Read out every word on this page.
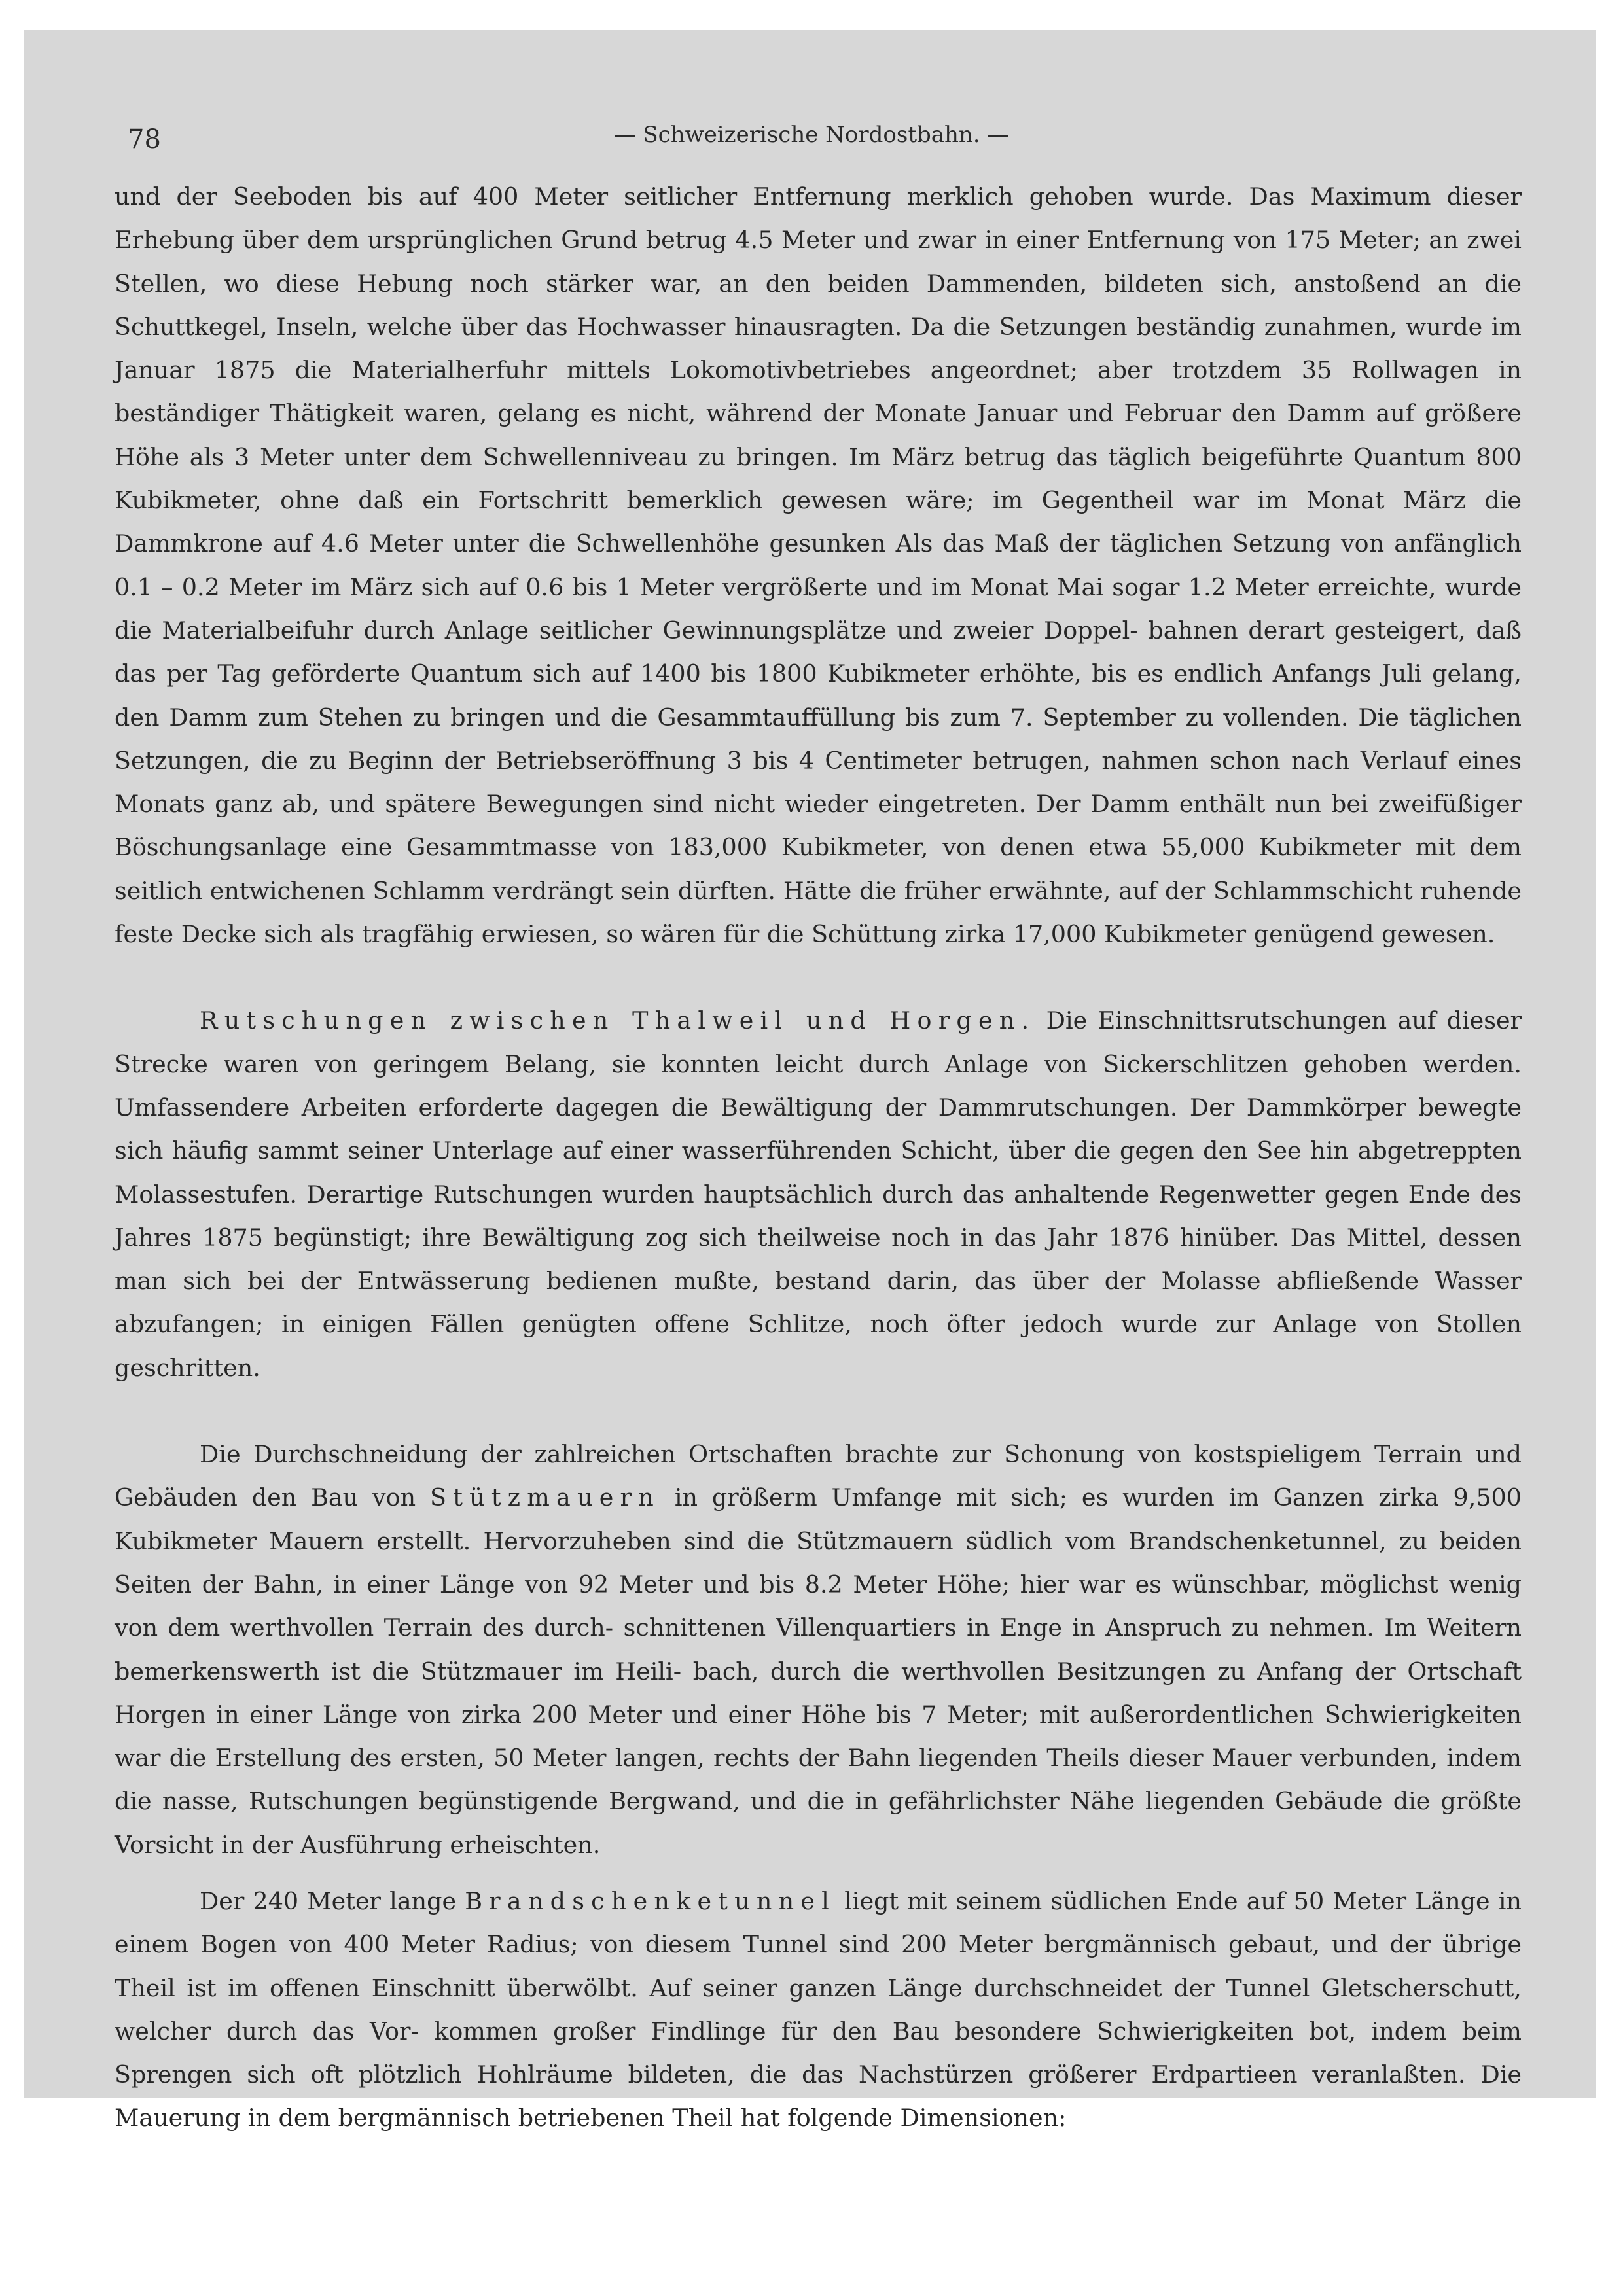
78	— Schweizerische Nordostbahn. —

und der Seeboden bis auf 400 Meter seitlicher Entfernung merklich gehoben wurde. Das Maximum dieser Erhebung über dem ursprünglichen Grund betrug 4.5 Meter und zwar in einer Entfernung von 175 Meter; an zwei Stellen, wo diese Hebung noch stärker war, an den beiden Dammenden, bildeten sich, anstoßend an die Schuttkegel, Inseln, welche über das Hochwasser hinausragten. Da die Setzungen beständig zunahmen, wurde im Januar 1875 die Materialherfuhr mittels Lokomotivbetriebes angeordnet; aber trotzdem 35 Rollwagen in beständiger Thätigkeit waren, gelang es nicht, während der Monate Januar und Februar den Damm auf größere Höhe als 3 Meter unter dem Schwellenniveau zu bringen. Im März betrug das täglich beigeführte Quantum 800 Kubikmeter, ohne daß ein Fortschritt bemerklich gewesen wäre; im Gegentheil war im Monat März die Dammkrone auf 4.6 Meter unter die Schwellenhöhe gesunken Als das Maß der täglichen Setzung von anfänglich 0.1 – 0.2 Meter im März sich auf 0.6 bis 1 Meter vergrößerte und im Monat Mai sogar 1.2 Meter erreichte, wurde die Materialbeifuhr durch Anlage seitlicher Gewinnungsplätze und zweier Doppel- bahnen derart gesteigert, daß das per Tag geförderte Quantum sich auf 1400 bis 1800 Kubikmeter erhöhte, bis es endlich Anfangs Juli gelang, den Damm zum Stehen zu bringen und die Gesammtauffüllung bis zum 7. September zu vollenden. Die täglichen Setzungen, die zu Beginn der Betriebseröffnung 3 bis 4 Centimeter betrugen, nahmen schon nach Verlauf eines Monats ganz ab, und spätere Bewegungen sind nicht wieder eingetreten. Der Damm enthält nun bei zweifüßiger Böschungsanlage eine Gesammtmasse von 183,000 Kubikmeter, von denen etwa 55,000 Kubikmeter mit dem seitlich entwichenen Schlamm verdrängt sein dürften. Hätte die früher erwähnte, auf der Schlammschicht ruhende feste Decke sich als tragfähig erwiesen, so wären für die Schüttung zirka 17,000 Kubikmeter genügend gewesen.

Rutschungen zwischen Thalweil und Horgen. Die Einschnittsrutschungen auf dieser Strecke waren von geringem Belang, sie konnten leicht durch Anlage von Sickerschlitzen gehoben werden. Umfassendere Arbeiten erforderte dagegen die Bewältigung der Dammrutschungen. Der Dammkörper bewegte sich häufig sammt seiner Unterlage auf einer wasserführenden Schicht, über die gegen den See hin abgetreppten Molassestufen. Derartige Rutschungen wurden hauptsächlich durch das anhaltende Regenwetter gegen Ende des Jahres 1875 begünstigt; ihre Bewältigung zog sich theilweise noch in das Jahr 1876 hinüber. Das Mittel, dessen man sich bei der Entwässerung bedienen mußte, bestand darin, das über der Molasse abfließende Wasser abzufangen; in einigen Fällen genügten offene Schlitze, noch öfter jedoch wurde zur Anlage von Stollen geschritten.

Die Durchschneidung der zahlreichen Ortschaften brachte zur Schonung von kostspieligem Terrain und Gebäuden den Bau von Stützmauern in größerm Umfange mit sich; es wurden im Ganzen zirka 9,500 Kubikmeter Mauern erstellt. Hervorzuheben sind die Stützmauern südlich vom Brandschenketunnel, zu beiden Seiten der Bahn, in einer Länge von 92 Meter und bis 8.2 Meter Höhe; hier war es wünschbar, möglichst wenig von dem werthvollen Terrain des durch- schnittenen Villenquartiers in Enge in Anspruch zu nehmen. Im Weitern bemerkenswerth ist die Stützmauer im Heili- bach, durch die werthvollen Besitzungen zu Anfang der Ortschaft Horgen in einer Länge von zirka 200 Meter und einer Höhe bis 7 Meter; mit außerordentlichen Schwierigkeiten war die Erstellung des ersten, 50 Meter langen, rechts der Bahn liegenden Theils dieser Mauer verbunden, indem die nasse, Rutschungen begünstigende Bergwand, und die in gefährlichster Nähe liegenden Gebäude die größte Vorsicht in der Ausführung erheischten.

Der 240 Meter lange Brandschenketunnel liegt mit seinem südlichen Ende auf 50 Meter Länge in einem Bogen von 400 Meter Radius; von diesem Tunnel sind 200 Meter bergmännisch gebaut, und der übrige Theil ist im offenen Einschnitt überwölbt. Auf seiner ganzen Länge durchschneidet der Tunnel Gletscherschutt, welcher durch das Vor- kommen großer Findlinge für den Bau besondere Schwierigkeiten bot, indem beim Sprengen sich oft plötzlich Hohlräume bildeten, die das Nachstürzen größerer Erdpartieen veranlaßten. Die Mauerung in dem bergmännisch betriebenen Theil hat folgende Dimensionen:
